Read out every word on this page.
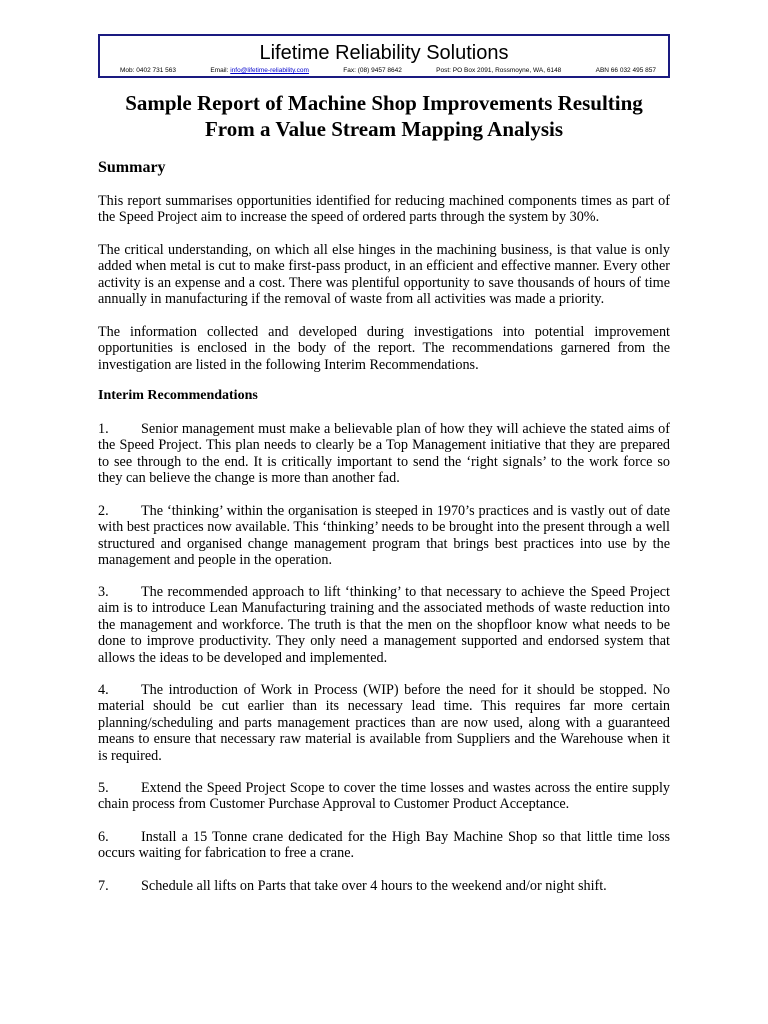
Lifetime Reliability Solutions
Mob: 0402 731 563	Email: info@lifetime-reliability.com	Fax: (08) 9457 8642	Post: PO Box 2091, Rossmoyne, WA, 6148	ABN 66 032 495 857
Sample Report of Machine Shop Improvements Resulting
From a Value Stream Mapping Analysis
Summary
This report summarises opportunities identified for reducing machined components times as part of the Speed Project aim to increase the speed of ordered parts through the system by 30%.
The critical understanding, on which all else hinges in the machining business, is that value is only added when metal is cut to make first-pass product, in an efficient and effective manner. Every other activity is an expense and a cost. There was plentiful opportunity to save thousands of hours of time annually in manufacturing if the removal of waste from all activities was made a priority.
The information collected and developed during investigations into potential improvement opportunities is enclosed in the body of the report. The recommendations garnered from the investigation are listed in the following Interim Recommendations.
Interim Recommendations
1. Senior management must make a believable plan of how they will achieve the stated aims of the Speed Project. This plan needs to clearly be a Top Management initiative that they are prepared to see through to the end. It is critically important to send the ‘right signals’ to the work force so they can believe the change is more than another fad.
2. The ‘thinking’ within the organisation is steeped in 1970’s practices and is vastly out of date with best practices now available. This ‘thinking’ needs to be brought into the present through a well structured and organised change management program that brings best practices into use by the management and people in the operation.
3. The recommended approach to lift ‘thinking’ to that necessary to achieve the Speed Project aim is to introduce Lean Manufacturing training and the associated methods of waste reduction into the management and workforce. The truth is that the men on the shopfloor know what needs to be done to improve productivity. They only need a management supported and endorsed system that allows the ideas to be developed and implemented.
4. The introduction of Work in Process (WIP) before the need for it should be stopped. No material should be cut earlier than its necessary lead time. This requires far more certain planning/scheduling and parts management practices than are now used, along with a guaranteed means to ensure that necessary raw material is available from Suppliers and the Warehouse when it is required.
5. Extend the Speed Project Scope to cover the time losses and wastes across the entire supply chain process from Customer Purchase Approval to Customer Product Acceptance.
6. Install a 15 Tonne crane dedicated for the High Bay Machine Shop so that little time loss occurs waiting for fabrication to free a crane.
7. Schedule all lifts on Parts that take over 4 hours to the weekend and/or night shift.
